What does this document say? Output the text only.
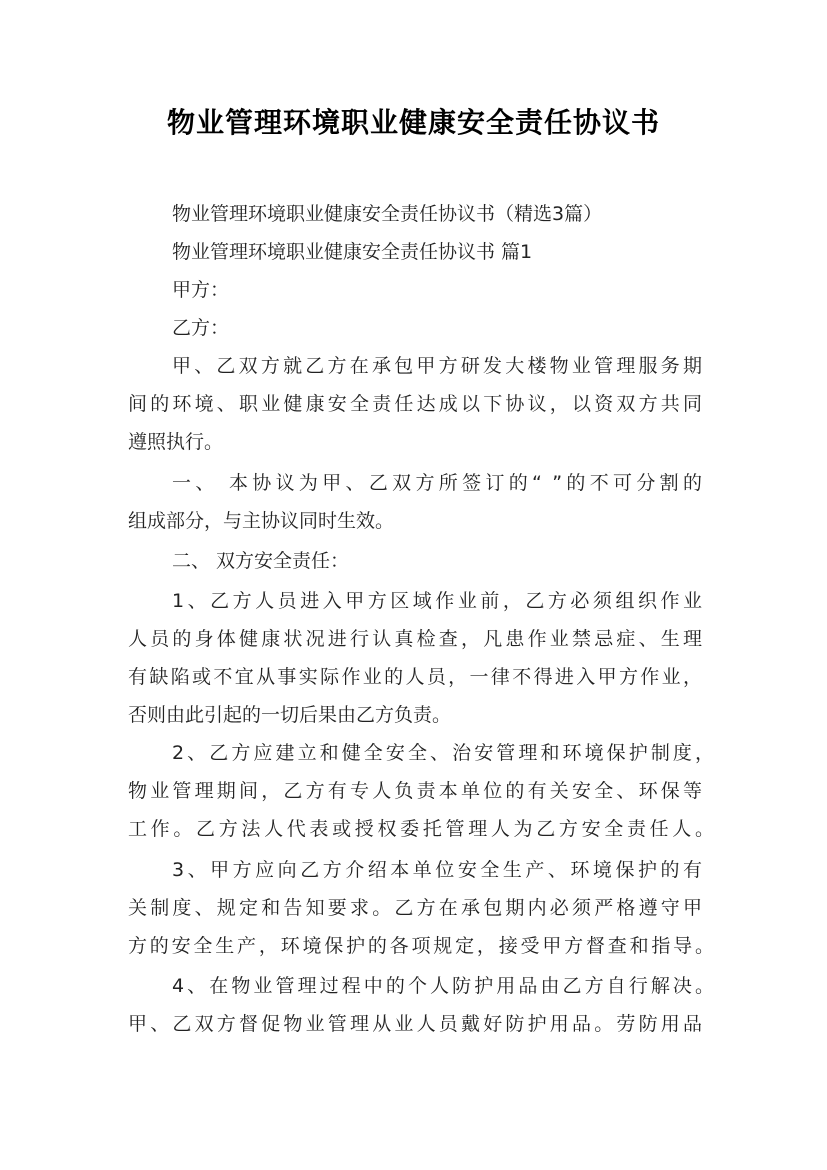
物业管理环境职业健康安全责任协议书
物业管理环境职业健康安全责任协议书（精选3篇）
物业管理环境职业健康安全责任协议书 篇1
甲方：
乙方：
甲、乙双方就乙方在承包甲方研发大楼物业管理服务期
间的环境、职业健康安全责任达成以下协议，以资双方共同
遵照执行。
一、 本协议为甲、乙双方所签订的“ ”的不可分割的
组成部分，与主协议同时生效。
二、 双方安全责任：
1、乙方人员进入甲方区域作业前，乙方必须组织作业
人员的身体健康状况进行认真检查，凡患作业禁忌症、生理
有缺陷或不宜从事实际作业的人员，一律不得进入甲方作业，
否则由此引起的一切后果由乙方负责。
2、乙方应建立和健全安全、治安管理和环境保护制度，
物业管理期间，乙方有专人负责本单位的有关安全、环保等
工作。乙方法人代表或授权委托管理人为乙方安全责任人。
3、甲方应向乙方介绍本单位安全生产、环境保护的有
关制度、规定和告知要求。乙方在承包期内必须严格遵守甲
方的安全生产，环境保护的各项规定，接受甲方督查和指导。
4、在物业管理过程中的个人防护用品由乙方自行解决。
甲、乙双方督促物业管理从业人员戴好防护用品。劳防用品
